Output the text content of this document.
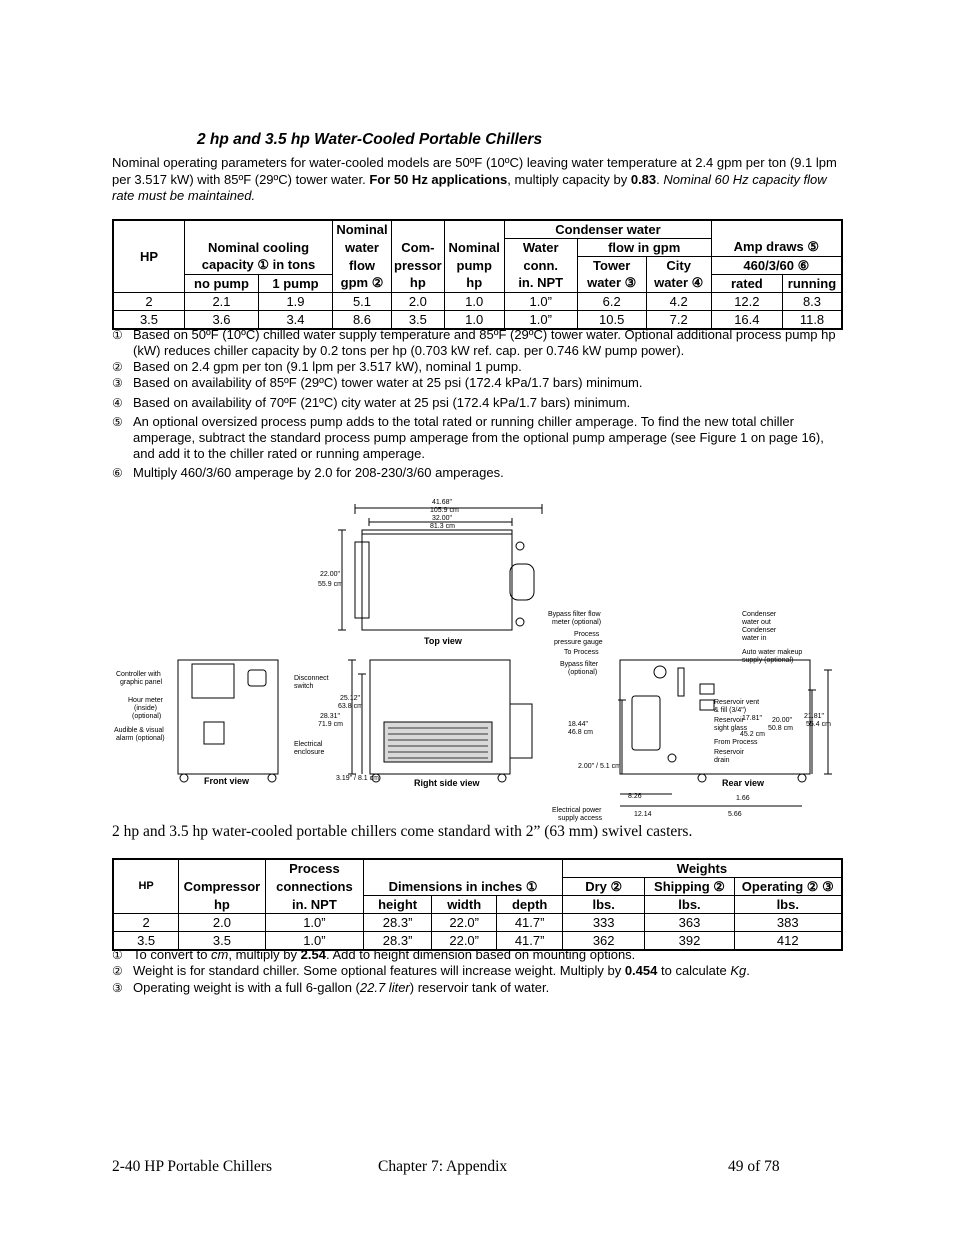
2 hp and 3.5 hp Water-Cooled Portable Chillers
Nominal operating parameters for water-cooled models are 50ºF (10ºC) leaving water temperature at 2.4 gpm per ton (9.1 lpm per 3.517 kW) with 85ºF (29ºC) tower water. For 50 Hz applications, multiply capacity by 0.83. Nominal 60 Hz capacity flow rate must be maintained.
HP			Nominal			Condenser water				
	Nominal cooling		water	Com-	Nominal	Water	flow in gpm		Amp draws ⑤	
	capacity ① in tons		flow	pressor	pump	conn.	Tower	City		460/3/60 ⑥	
	no pump	1 pump	gpm ②	hp	hp	in. NPT	water ③	water ④	rated	running
2	2.1	1.9	5.1	2.0	1.0	1.0”	6.2	4.2	12.2	8.3
3.5	3.6	3.4	8.6	3.5	1.0	1.0”	10.5	7.2	16.4	11.8
① Based on 50ºF (10ºC) chilled water supply temperature and 85ºF (29ºC) tower water. Optional additional process pump hp (kW) reduces chiller capacity by 0.2 tons per hp (0.703 kW ref. cap. per 0.746 kW pump power).
② Based on 2.4 gpm per ton (9.1 lpm per 3.517 kW), nominal 1 pump.
③ Based on availability of 85ºF (29ºC) tower water at 25 psi (172.4 kPa/1.7 bars) minimum.
④ Based on availability of 70ºF (21ºC) city water at 25 psi (172.4 kPa/1.7 bars) minimum.
⑤ An optional oversized process pump adds to the total rated or running chiller amperage. To find the new total chiller amperage, subtract the standard process pump amperage from the optional pump amperage (see Figure 1 on page 16), and add it to the chiller rated or running amperage.
⑥ Multiply 460/3/60 amperage by 2.0 for 208-230/3/60 amperages.
41.68"
105.9 cm
32.00"
81.3 cm
22.00"
55.9 cm
Top view
Controller with
graphic panel
Hour meter
(inside)
(optional)
Audible & visual
alarm (optional)
Front view
Disconnect
switch
Electrical
enclosure
28.31"
71.9 cm
25.12"
63.8 cm
3.19" / 8.1 cm	Right side view
Bypass filter flow
meter (optional)
Process
pressure gauge
To Process
Bypass filter
(optional)
Condenser
water out
Condenser
water in
Auto water makeup
supply (optional)
Reservoir vent
& fill (3/4")
Reservoir
sight glass
17.81"
45.2 cm
20.00"
50.8 cm
21.81"
55.4 cm
From Process
Reservoir
drain
18.44"
46.8 cm
2.00" / 5.1 cm
Rear view
8.26
12.14
1.66
5.66
Electrical power
supply access
2 hp and 3.5 hp water-cooled portable chillers come standard with 2” (63 mm) swivel casters.
HP		Process				Weights		
	Compressor	connections	Dimensions in inches ①			Dry ②	Shipping ②	Operating ② ③
	hp	in. NPT	height	width	depth	lbs.	lbs.	lbs.
2	2.0	1.0”	28.3”	22.0”	41.7”	333	363	383
3.5	3.5	1.0”	28.3”	22.0”	41.7”	362	392	412
① To convert to cm, multiply by 2.54. Add to height dimension based on mounting options.
② Weight is for standard chiller. Some optional features will increase weight. Multiply by 0.454 to calculate Kg.
③ Operating weight is with a full 6-gallon (22.7 liter) reservoir tank of water.
2-40 HP Portable Chillers	Chapter 7: Appendix	49 of 78
